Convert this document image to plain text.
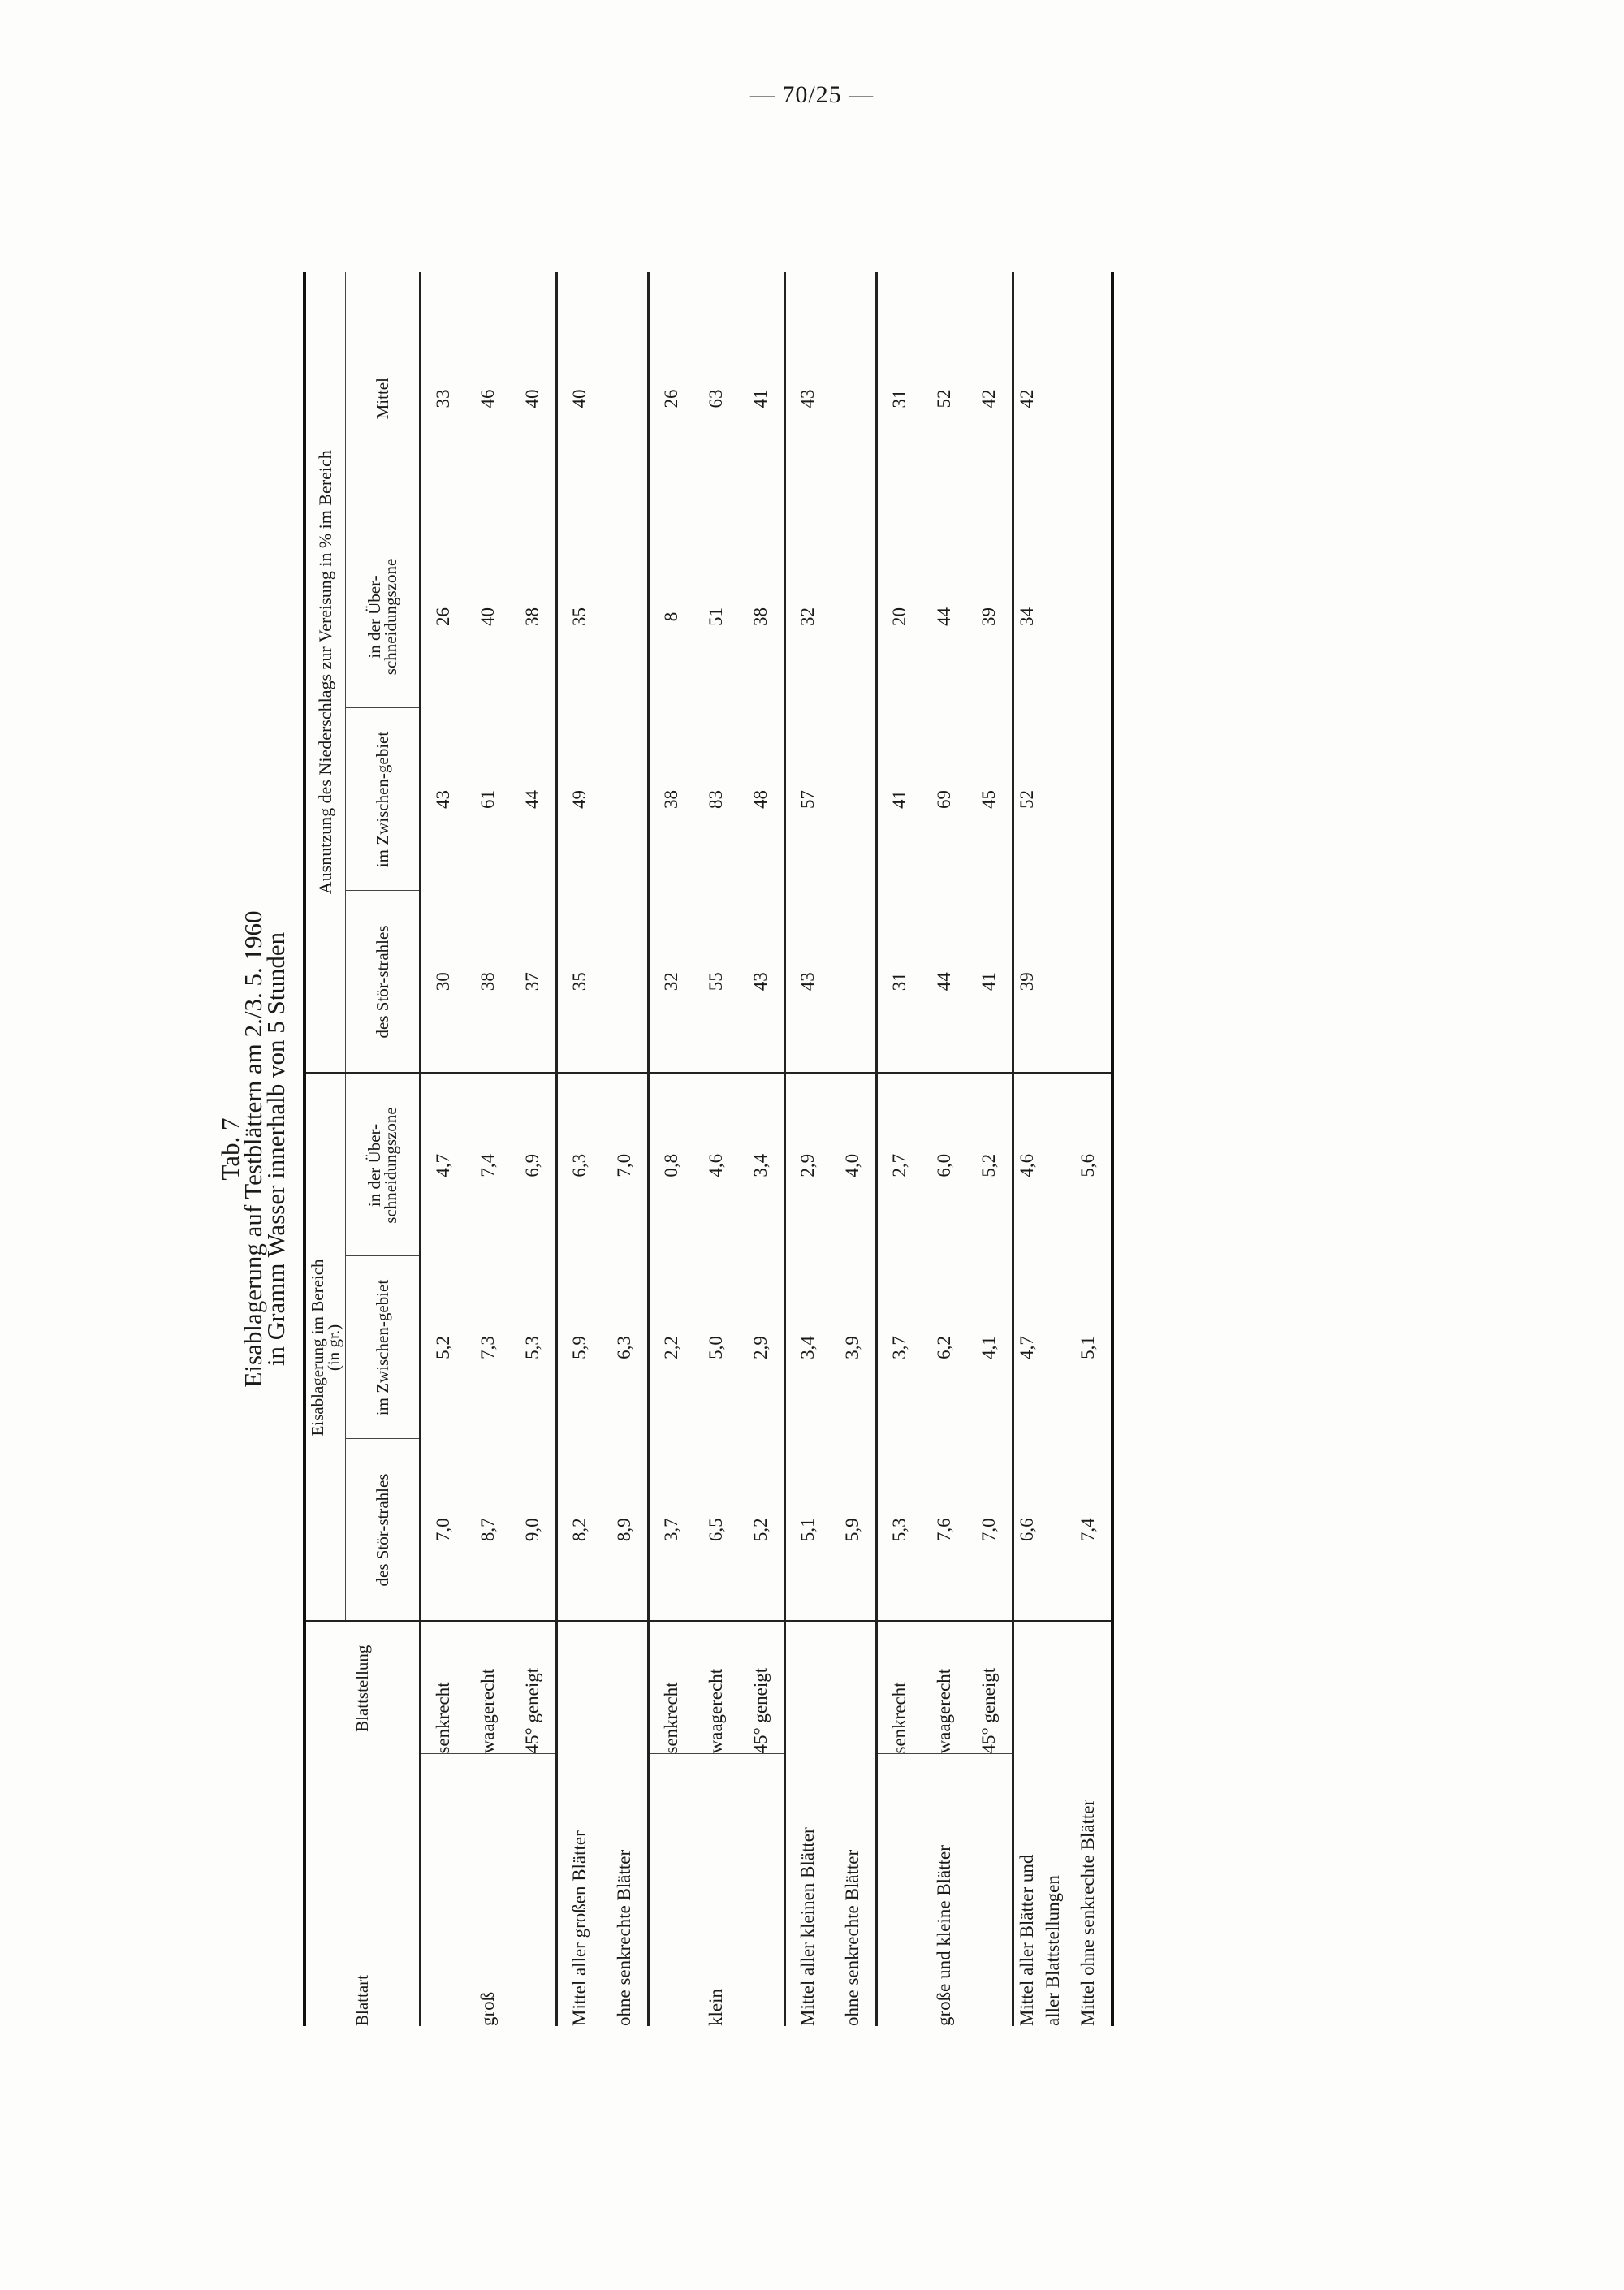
— 70/25 —
Tab. 7
Eisablagerung auf Testblättern am 2./3. 5. 1960
in Gramm Wasser innerhalb von 5 Stunden
Blattart	Blattstellung	Eisablagerung im Bereich
(in gr.)			Ausnutzung des Niederschlags zur Vereisung in % im Bereich			
		des Stör-strahles	im Zwischen-gebiet	in der Über-schneidungszone	des Stör-strahles	im Zwischen-gebiet	in der Über-schneidungszone	Mittel
	senkrecht	7,0	5,2	4,7	30	43	26	33
groß	waagerecht	8,7	7,3	7,4	38	61	40	46
	45° geneigt	9,0	5,3	6,9	37	44	38	40
Mittel aller großen Blätter		8,2	5,9	6,3	35	49	35	40
ohne senkrechte Blätter		8,9	6,3	7,0				
	senkrecht	3,7	2,2	0,8	32	38	8	26
klein	waagerecht	6,5	5,0	4,6	55	83	51	63
	45° geneigt	5,2	2,9	3,4	43	48	38	41
Mittel aller kleinen Blätter		5,1	3,4	2,9	43	57	32	43
ohne senkrechte Blätter		5,9	3,9	4,0				
	senkrecht	5,3	3,7	2,7	31	41	20	31
große und kleine Blätter	waagerecht	7,6	6,2	6,0	44	69	44	52
	45° geneigt	7,0	4,1	5,2	41	45	39	42
Mittel aller Blätter und		6,6	4,7	4,6	39	52	34	42
aller Blattstellungen								
Mittel ohne senkrechte Blätter		7,4	5,1	5,6				
